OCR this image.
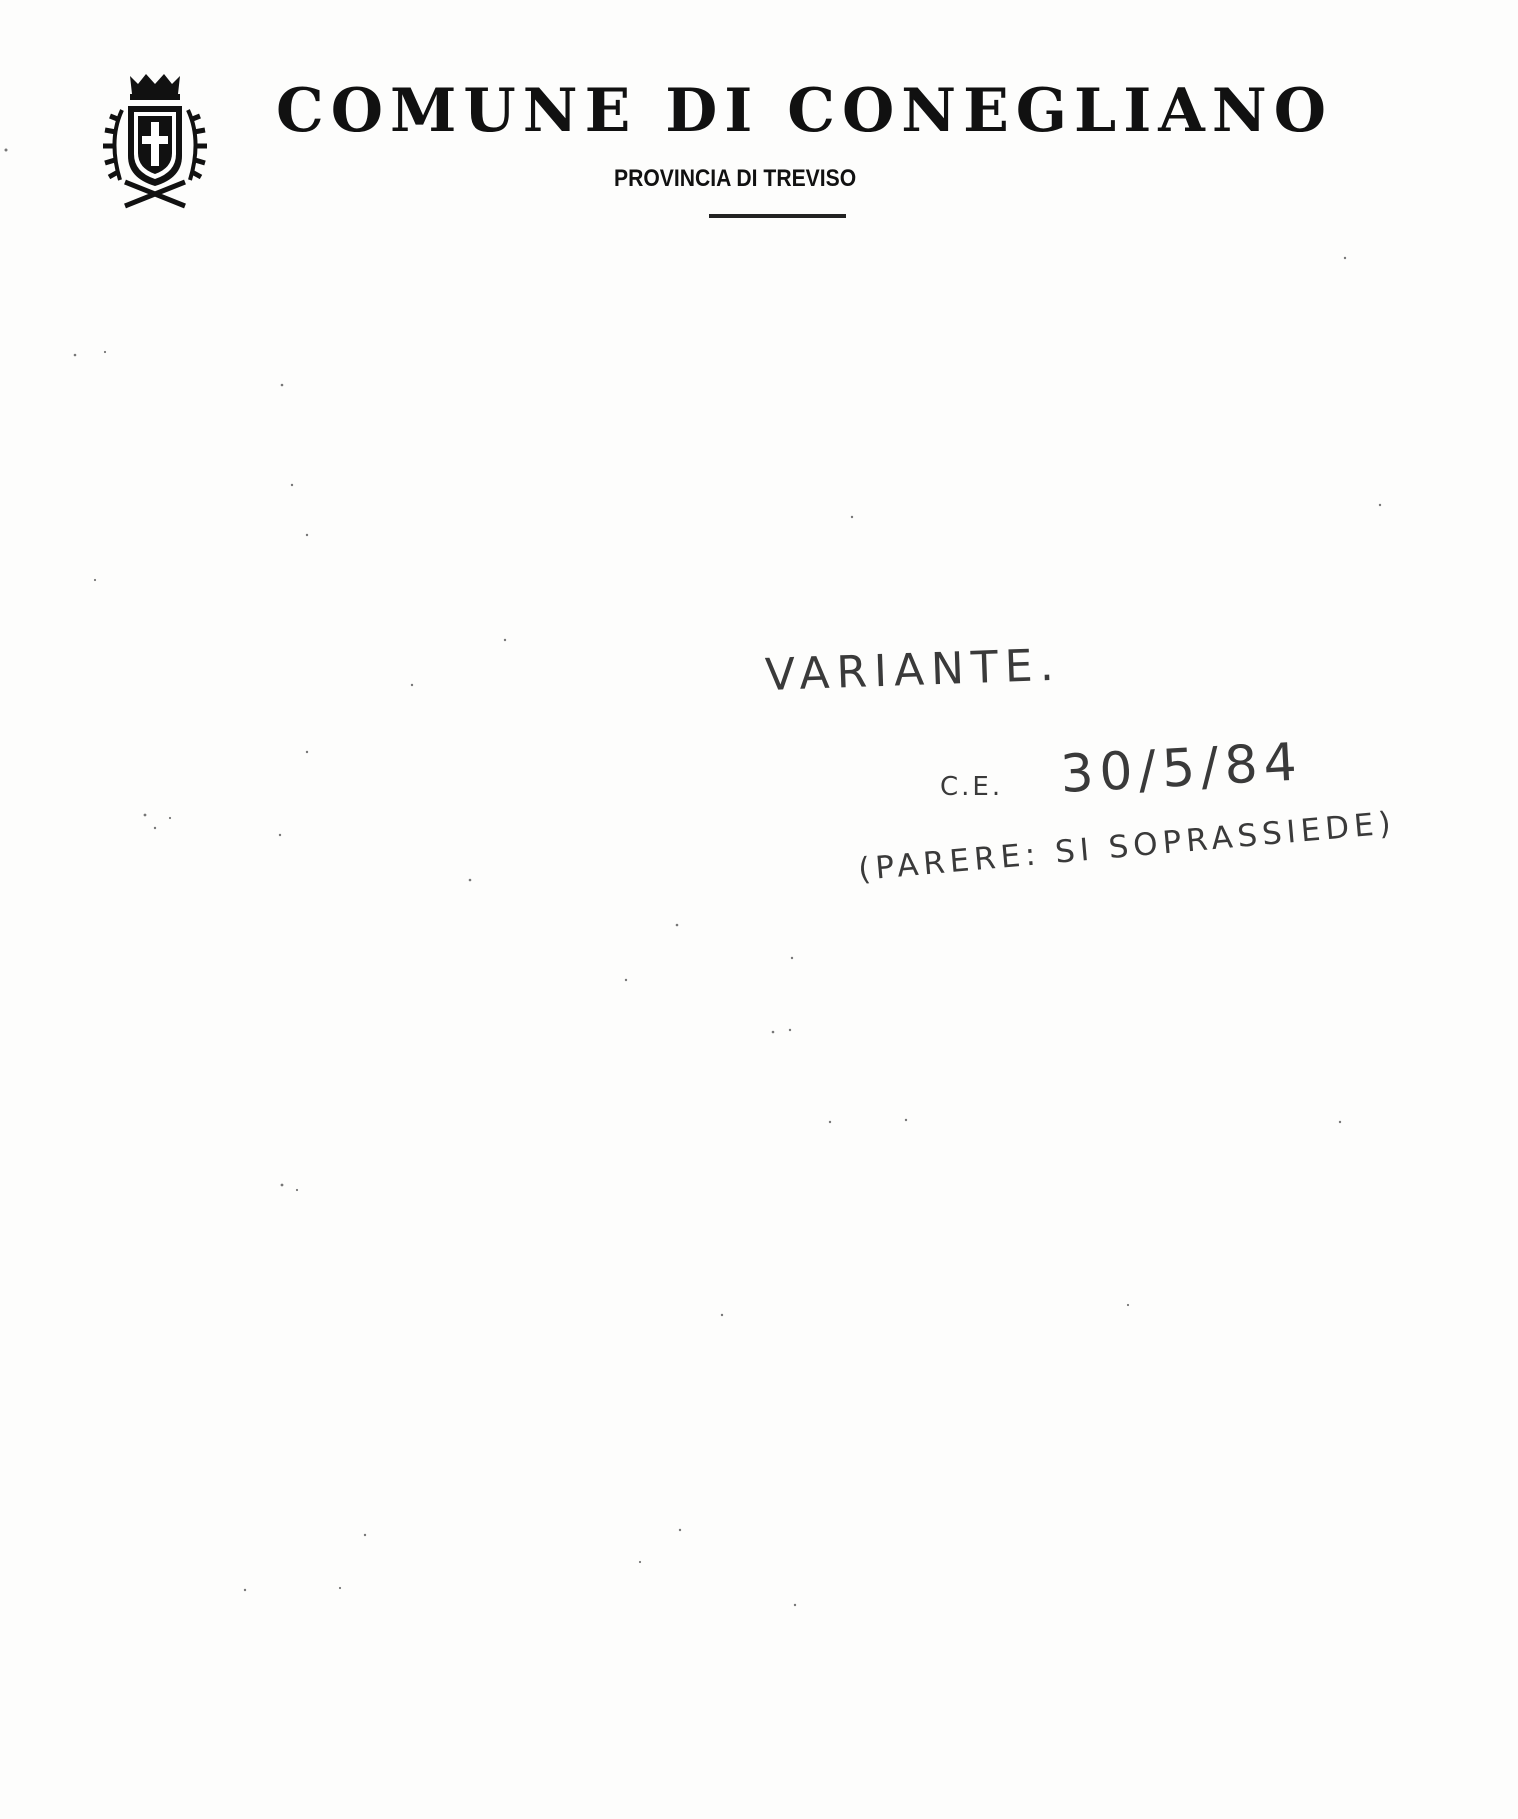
COMUNE DI CONEGLIANO

PROVINCIA DI TREVISO

VARIANTE.

C.E. 30/5/84

(PARERE: SI SOPRASSIEDE)
